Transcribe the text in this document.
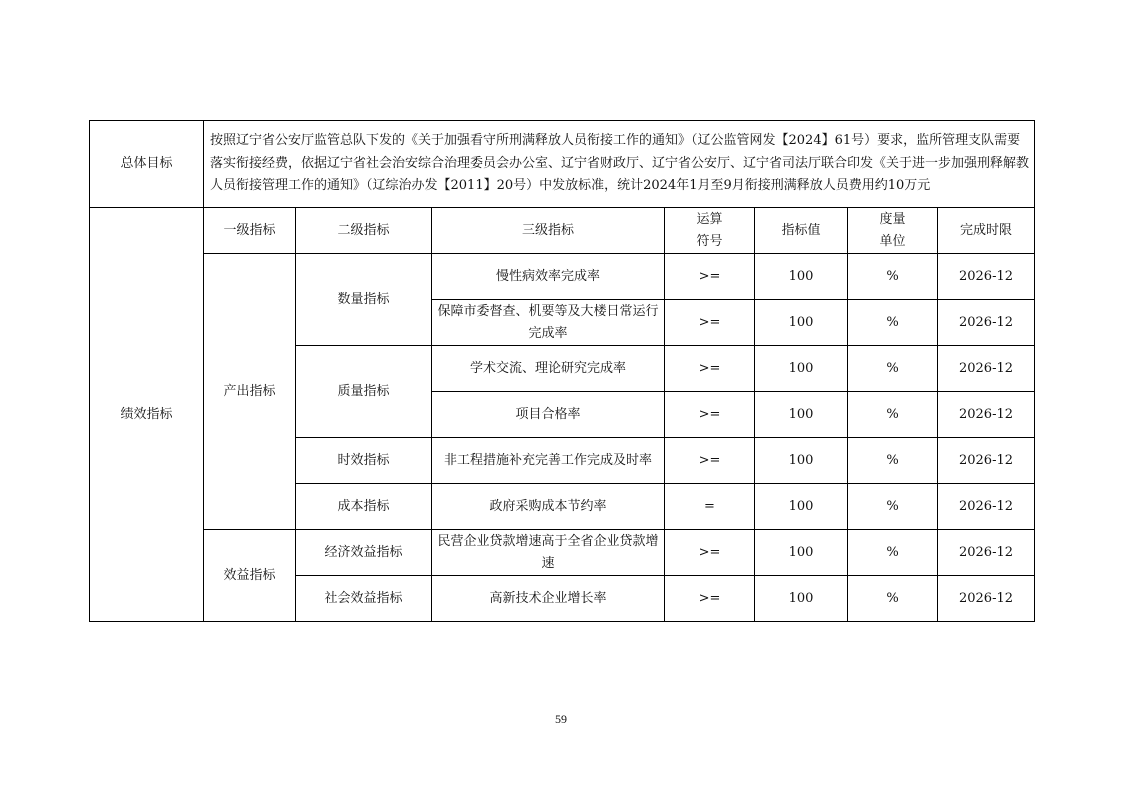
总体目标	按照辽宁省公安厅监管总队下发的《关于加强看守所刑满释放人员衔接工作的通知》（辽公监管网发【2024】61号）要求，监所管理支队需要落实衔接经费，依据辽宁省社会治安综合治理委员会办公室、辽宁省财政厅、辽宁省公安厅、辽宁省司法厅联合印发《关于进一步加强刑释解教人员衔接管理工作的通知》（辽综治办发【2011】20号）中发放标准，统计2024年1月至9月衔接刑满释放人员费用约10万元						
绩效指标	一级指标	二级指标	三级指标	运算符号	指标值	度量单位	完成时限
	产出指标	数量指标	慢性病效率完成率	>=	100	%	2026-12
			保障市委督查、机要等及大楼日常运行完成率	>=	100	%	2026-12
		质量指标	学术交流、理论研究完成率	>=	100	%	2026-12
			项目合格率	>=	100	%	2026-12
		时效指标	非工程措施补充完善工作完成及时率	>=	100	%	2026-12
		成本指标	政府采购成本节约率	=	100	%	2026-12
	效益指标	经济效益指标	民营企业贷款增速高于全省企业贷款增速	>=	100	%	2026-12
		社会效益指标	高新技术企业增长率	>=	100	%	2026-12
59
